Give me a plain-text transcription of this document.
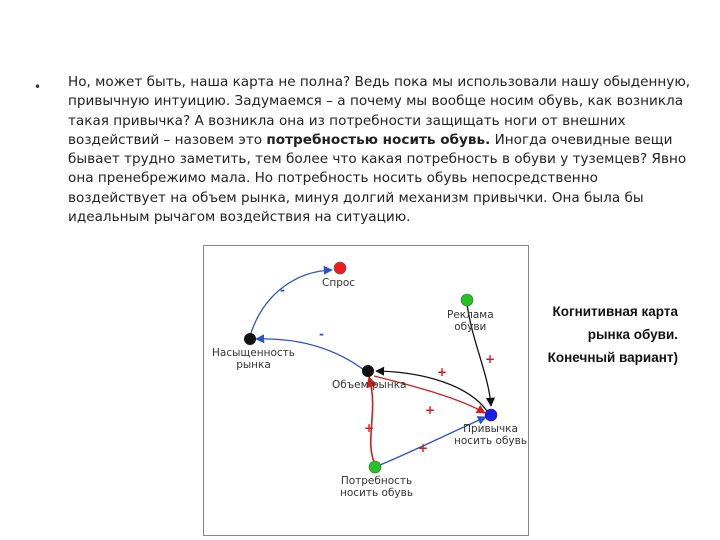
• Но, может быть, наша карта не полна? Ведь пока мы использовали нашу обыденную, привычную интуицию. Задумаемся – а почему мы вообще носим обувь, как возникла такая привычка? А возникла она из потребности защищать ноги от внешних воздействий – назовем это потребностью носить обувь. Иногда очевидные вещи бывает трудно заметить, тем более что какая потребность в обуви у туземцев? Явно она пренебрежимо мала. Но потребность носить обувь непосредственно воздействует на объем рынка, минуя долгий механизм привычки. Она была бы идеальным рычагом воздействия на ситуацию.

Спрос
Реклама
обуви
Насыщенность
рынка
Объем рынка
Привычка
носить обувь
Потребность
носить обувь
-
-
+
+
+
+
+
Когнитивная карта
рынка обуви.
Конечный вариант)
